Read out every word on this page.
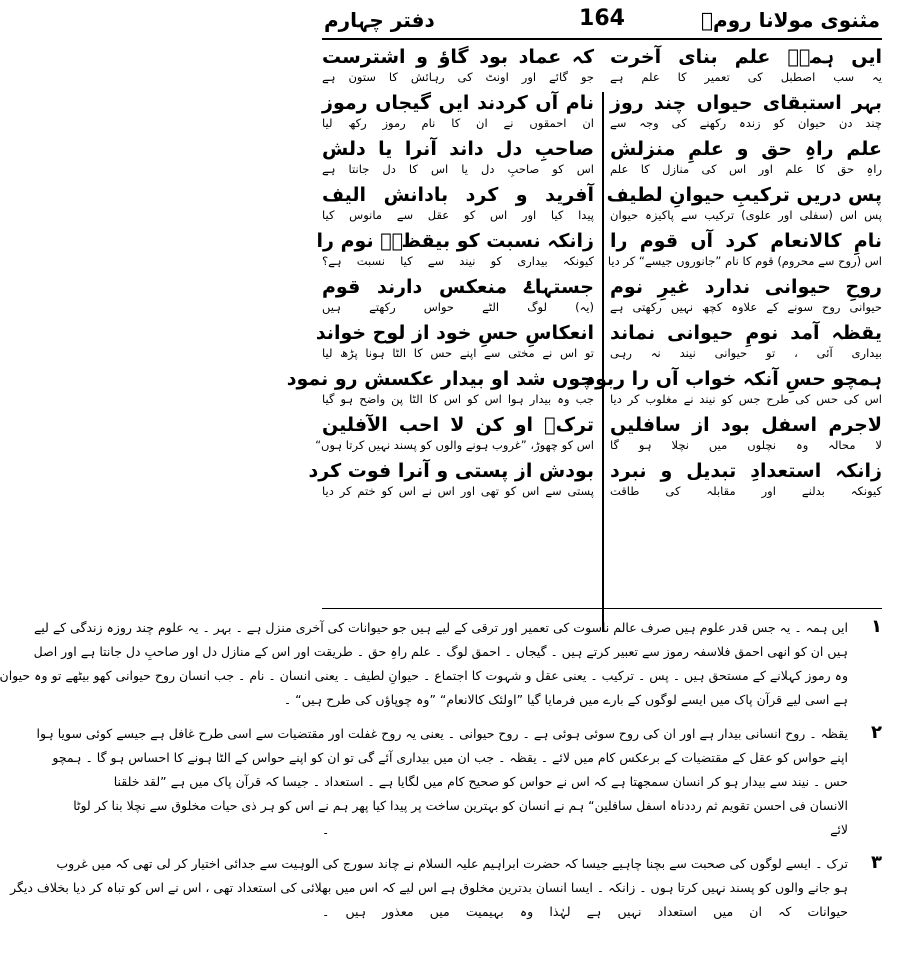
مثنوی مولانا رومؒ
164
دفتر چہارم
ایں ہمہؔ علم بنای آخرت
یہ سب اصطبل کی تعمیر کا علم ہے
بہر استبقای حیواں چند روز
چند دن حیوان کو زندہ رکھنے کی وجہ سے
علم راہِ حق و علمِ منزلش
راہِ حق کا علم اور اس کی منازل کا علم
پس دریں ترکیبِ حیوانِ لطیف
پس اس (سفلی اور علوی) ترکیب سے پاکیزہ حیوان
نامِ کالانعام کرد آں قوم را
اس (روح سے محروم) قوم کا نام ”جانوروں جیسے“ کر دیا
روحِ حیوانی ندارد غیرِ نوم
حیوانی روح سونے کے علاوہ کچھ نہیں رکھتی ہے
یقظہ آمد نومِ حیوانی نماند
بیداری آئی ، تو حیوانی نیند نہ رہی
ہمچو حسِ آنکہ خواب آں را ربود
اس کی حس کی طرح جس کو نیند نے مغلوب کر دیا
لاجرم اسفل بود از سافلیں
لا محالہ وہ نچلوں میں نچلا ہو گا
زانکہ استعدادِ تبدیل و نبرد
کیونکہ بدلنے اور مقابلہ کی طاقت
کہ عماد بود گاؤ و اشترست
جو گائے اور اونٹ کی رہائش کا ستون ہے
نام آں کردند ایں گیجاں رموز
ان احمقوں نے ان کا نام رموز رکھ لیا
صاحبِ دل داند آنرا یا دلش
اس کو صاحبِ دل یا اس کا دل جانتا ہے
آفرید و کرد بادانش الیف
پیدا کیا اور اس کو عقل سے مانوس کیا
زانکہ نسبت کو بیقظہؔ نوم را
کیونکہ بیداری کو نیند سے کیا نسبت ہے؟
جستہاۓ منعکس دارند قوم
(یہ) لوگ الٹے حواس رکھتے ہیں
انعکاسِ حسِ خود از لوح خواند
تو اس نے مختی سے اپنے حس کا الٹا ہونا پڑھ لیا
چوں شد او بیدار عکسش رو نمود
جب وہ بیدار ہوا اس کو اس کا الٹا پن واضح ہو گیا
ترکؔ او کن لا احب الآفلین
اس کو چھوڑ، ”غروب ہونے والوں کو پسند نہیں کرتا ہوں“
بودش از پستی و آنرا فوت کرد
پستی سے اس کو تھی اور اس نے اس کو ختم کر دیا
۱
ایں ہمہ ۔ یہ جس قدر علوم ہیں صرف عالم ناسوت کی تعمیر اور ترقی کے لیے ہیں جو حیوانات کی آخری منزل ہے ۔ بہر ۔ یہ علوم چند روزہ زندگی کے لیے
ہیں ان کو انھی احمق فلاسفہ رموز سے تعبیر کرتے ہیں ۔ گیجاں ۔ احمق لوگ ۔ علم راہِ حق ۔ طریقت اور اس کے منازل دل اور صاحبِ دل جانتا ہے اور اصل
وہ رموز کہلانے کے مستحق ہیں ۔ پس ۔ ترکیب ۔ یعنی عقل و شہوت کا اجتماع ۔ حیوانِ لطیف ۔ یعنی انسان ۔ نام ۔ جب انسان روح حیوانی کھو بیٹھے تو وہ حیوان
ہے اسی لیے قرآن پاک میں ایسے لوگوں کے بارے میں فرمایا گیا ”اولئک کالانعام“ ”وہ چوپاؤں کی طرح ہیں“ ۔
۲
یقظہ ۔ روح انسانی بیدار ہے اور ان کی روح سوئی ہوئی ہے ۔ روح حیوانی ۔ یعنی یہ روح غفلت اور مقتضیات سے اسی طرح غافل ہے جیسے کوئی سویا ہوا
اپنے حواس کو عقل کے مقتضیات کے برعکس کام میں لائے ۔ یقظہ ۔ جب ان میں بیداری آئے گی تو ان کو اپنے حواس کے الٹا ہونے کا احساس ہو گا ۔ ہمچو
حس ۔ نیند سے بیدار ہو کر انسان سمجھتا ہے کہ اس نے حواس کو صحیح کام میں لگایا ہے ۔ استعداد ۔ جیسا کہ قرآن پاک میں ہے ”لقد خلقنا
الانسان فی احسن تقویم ثم رددناہ اسفل سافلین“ ہم نے انسان کو بہترین ساخت پر پیدا کیا پھر ہم نے اس کو ہر ذی حیات مخلوق سے نچلا بنا کر لوٹا
لائے ۔
۳
ترک ۔ ایسے لوگوں کی صحبت سے بچنا چاہیے جیسا کہ حضرت ابراہیم علیہ السلام نے چاند سورج کی الوہیت سے جدائی اختیار کر لی تھی کہ میں غروب
ہو جانے والوں کو پسند نہیں کرتا ہوں ۔ زانکہ ۔ ایسا انسان بدترین مخلوق ہے اس لیے کہ اس میں بھلائی کی استعداد تھی ، اس نے اس کو تباہ کر دیا بخلاف دیگر
حیوانات کہ ان میں استعداد نہیں ہے لہٰذا وہ بہیمیت میں معذور ہیں ۔
